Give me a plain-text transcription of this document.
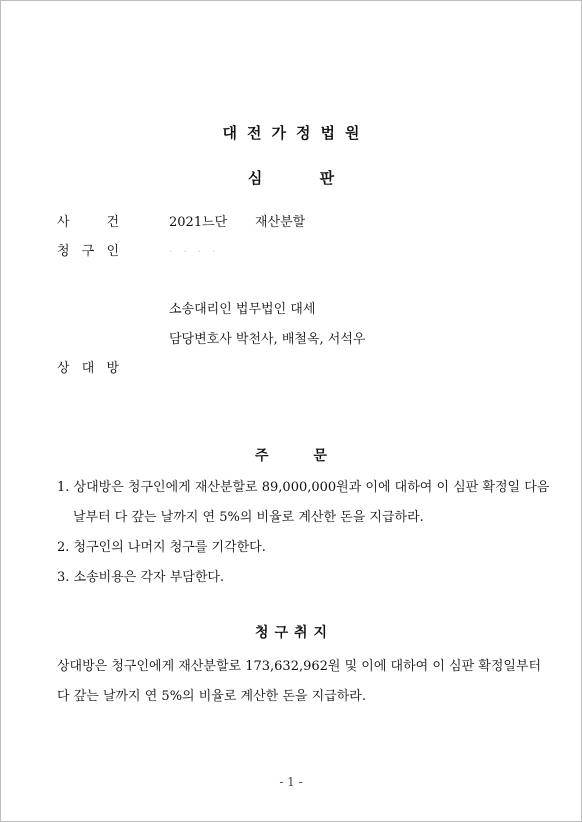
대전가정법원
심 판
사	건	2021느단 재산분할
청 구 인	· · · ·
소송대리인 법무법인 대세
담당변호사 박천사, 배철옥, 서석우
상 대 방
주 문
1. 상대방은 청구인에게 재산분할로 89,000,000원과 이에 대하여 이 심판 확정일 다음
날부터 다 갚는 날까지 연 5%의 비율로 계산한 돈을 지급하라.
2. 청구인의 나머지 청구를 기각한다.
3. 소송비용은 각자 부담한다.
청구취지
상대방은 청구인에게 재산분할로 173,632,962원 및 이에 대하여 이 심판 확정일부터
다 갚는 날까지 연 5%의 비율로 계산한 돈을 지급하라.
- 1 -
